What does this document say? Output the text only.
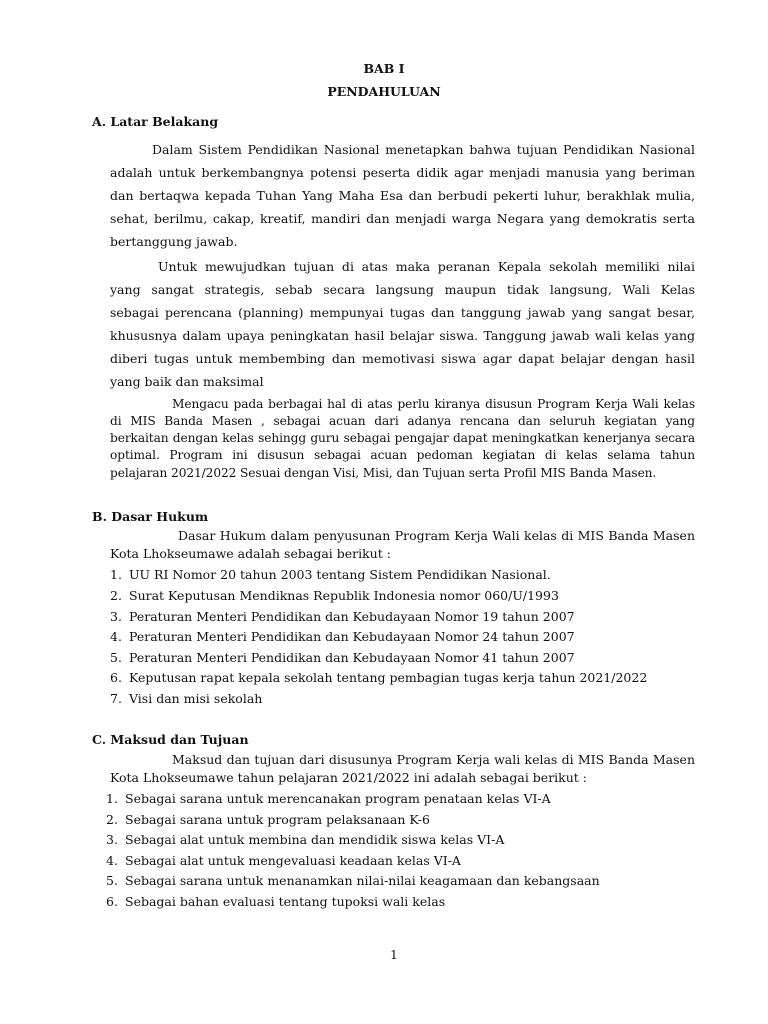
BAB I
PENDAHULUAN
A. Latar Belakang
Dalam Sistem Pendidikan Nasional menetapkan bahwa tujuan Pendidikan Nasional
adalah untuk berkembangnya potensi peserta didik agar menjadi manusia yang beriman
dan bertaqwa kepada Tuhan Yang Maha Esa dan berbudi pekerti luhur, berakhlak mulia,
sehat, berilmu, cakap, kreatif, mandiri dan menjadi warga Negara yang demokratis serta
bertanggung jawab.
Untuk mewujudkan tujuan di atas maka peranan Kepala sekolah memiliki nilai
yang sangat strategis, sebab secara langsung maupun tidak langsung, Wali Kelas
sebagai perencana (planning) mempunyai tugas dan tanggung jawab yang sangat besar,
khususnya dalam upaya peningkatan hasil belajar siswa. Tanggung jawab wali kelas yang
diberi tugas untuk membembing dan memotivasi siswa agar dapat belajar dengan hasil
yang baik dan maksimal
Mengacu pada berbagai hal di atas perlu kiranya disusun Program Kerja Wali kelas
di MIS Banda Masen , sebagai acuan dari adanya rencana dan seluruh kegiatan yang
berkaitan dengan kelas sehingg guru sebagai pengajar dapat meningkatkan kenerjanya secara
optimal. Program ini disusun sebagai acuan pedoman kegiatan di kelas selama tahun
pelajaran 2021/2022 Sesuai dengan Visi, Misi, dan Tujuan serta Profil MIS Banda Masen.
B. Dasar Hukum
Dasar Hukum dalam penyusunan Program Kerja Wali kelas di MIS Banda Masen
Kota Lhokseumawe adalah sebagai berikut :
1. UU RI Nomor 20 tahun 2003 tentang Sistem Pendidikan Nasional.
2. Surat Keputusan Mendiknas Republik Indonesia nomor 060/U/1993
3. Peraturan Menteri Pendidikan dan Kebudayaan Nomor 19 tahun 2007
4. Peraturan Menteri Pendidikan dan Kebudayaan Nomor 24 tahun 2007
5. Peraturan Menteri Pendidikan dan Kebudayaan Nomor 41 tahun 2007
6. Keputusan rapat kepala sekolah tentang pembagian tugas kerja tahun 2021/2022
7. Visi dan misi sekolah
C. Maksud dan Tujuan
Maksud dan tujuan dari disusunya Program Kerja wali kelas di MIS Banda Masen
Kota Lhokseumawe tahun pelajaran 2021/2022 ini adalah sebagai berikut :
1. Sebagai sarana untuk merencanakan program penataan kelas VI-A
2. Sebagai sarana untuk program pelaksanaan K-6
3. Sebagai alat untuk membina dan mendidik siswa kelas VI-A
4. Sebagai alat untuk mengevaluasi keadaan kelas VI-A
5. Sebagai sarana untuk menanamkan nilai-nilai keagamaan dan kebangsaan
6. Sebagai bahan evaluasi tentang tupoksi wali kelas
1
